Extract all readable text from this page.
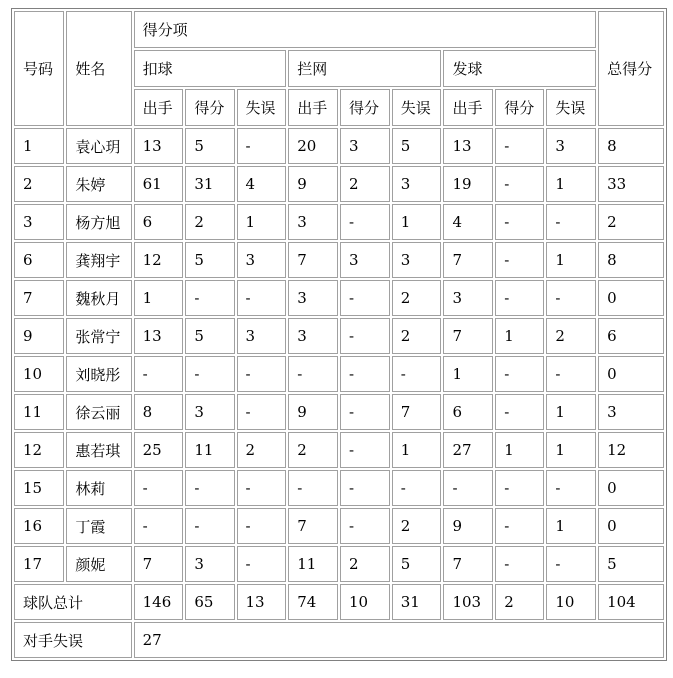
号码	姓名	得分项									总得分
		扣球			拦网			发球			
		出手	得分	失误	出手	得分	失误	出手	得分	失误	
1	袁心玥	13	5	-	20	3	5	13	-	3	8
2	朱婷	61	31	4	9	2	3	19	-	1	33
3	杨方旭	6	2	1	3	-	1	4	-	-	2
6	龚翔宇	12	5	3	7	3	3	7	-	1	8
7	魏秋月	1	-	-	3	-	2	3	-	-	0
9	张常宁	13	5	3	3	-	2	7	1	2	6
10	刘晓彤	-	-	-	-	-	-	1	-	-	0
11	徐云丽	8	3	-	9	-	7	6	-	1	3
12	惠若琪	25	11	2	2	-	1	27	1	1	12
15	林莉	-	-	-	-	-	-	-	-	-	0
16	丁霞	-	-	-	7	-	2	9	-	1	0
17	颜妮	7	3	-	11	2	5	7	-	-	5
球队总计		146	65	13	74	10	31	103	2	10	104
对手失误		27									
